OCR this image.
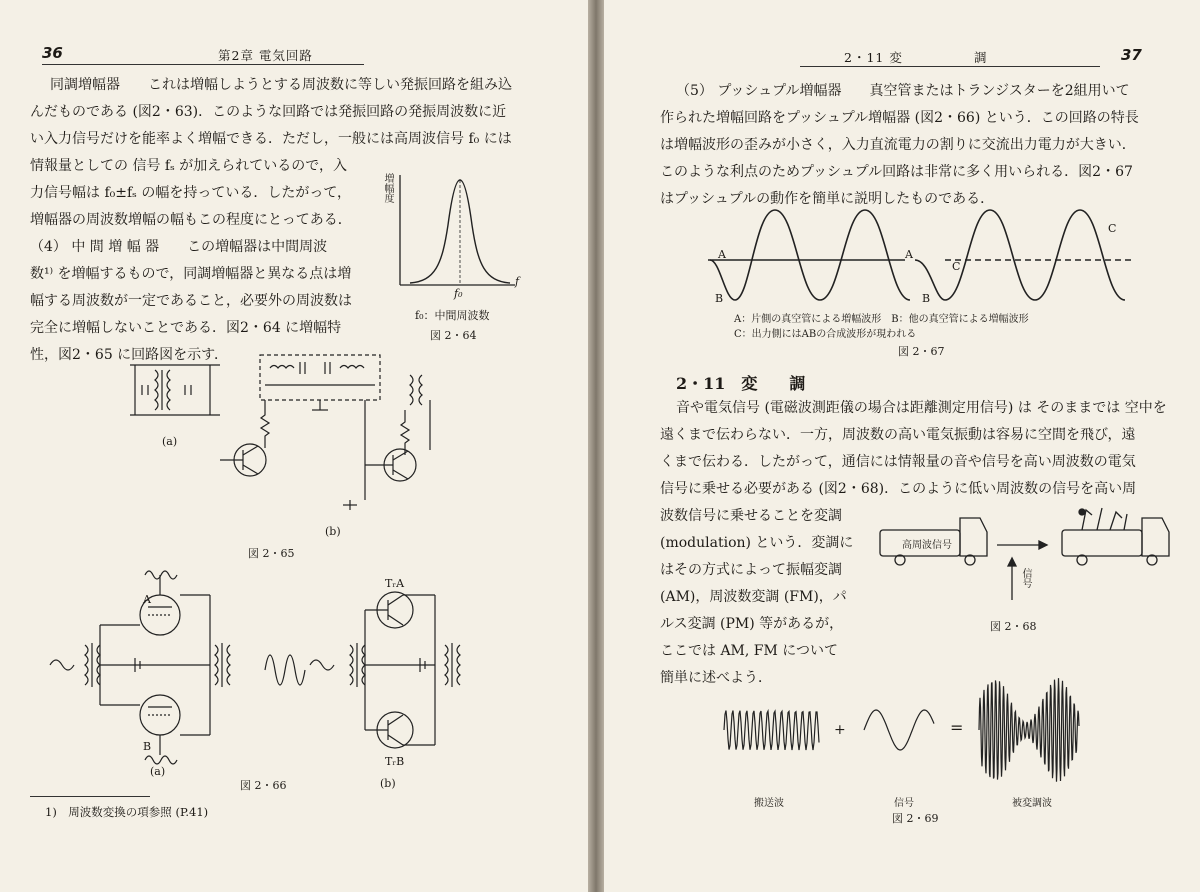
36	第2章 電気回路
同調増幅器　　これは増幅しようとする周波数に等しい発振回路を組み込
んだものである (図2・63)．このような回路では発振回路の発振周波数に近
い入力信号だけを能率よく増幅できる．ただし，一般には高周波信号 f₀ には
情報量としての 信号 fₛ が加えられているので，入
力信号幅は f₀±fₛ の幅を持っている．したがって，
増幅器の周波数増幅の幅もこの程度にとってある．
（4） 中 間 増 幅 器　　この増幅器は中間周波
数¹⁾ を増幅するもので，同調増幅器と異なる点は増
幅する周波数が一定であること，必要外の周波数は
完全に増幅しないことである．図2・64 に増幅特
性，図2・65 に回路図を示す．
増幅度
f
f₀
f₀：中間周波数
図 2・64
(a)
(b)
図 2・65
A
B
TᵣA
TᵣB
(a)
図 2・66	(b)
1)　周波数変換の項参照 (P.41)
2・11 変	調	37
（5） プッシュプル増幅器　　真空管またはトランジスターを2組用いて
作られた増幅回路をプッシュプル増幅器 (図2・66) という．この回路の特長
は増幅波形の歪みが小さく，入力直流電力の割りに交流出力電力が大きい．
このような利点のためプッシュプル回路は非常に多く用いられる．図2・67
はプッシュプルの動作を簡単に説明したものである．
A
B
A
B
C
C
A：片側の真空管による増幅波形　B：他の真空管による増幅波形
C：出力側にはABの合成波形が現われる
図 2・67
2・11　変　　調
音や電気信号 (電磁波測距儀の場合は距離測定用信号) は そのままでは 空中を
遠くまで伝わらない．一方，周波数の高い電気振動は容易に空間を飛び，遠
くまで伝わる．したがって，通信には情報量の音や信号を高い周波数の電気
信号に乗せる必要がある (図2・68)．このように低い周波数の信号を高い周
波数信号に乗せることを変調
(modulation) という．変調に
はその方式によって振幅変調
(AM)，周波数変調 (FM)，パ
ルス変調 (PM) 等があるが，
ここでは AM, FM について
簡単に述べよう．
高周波信号
信号
図 2・68
+	=
搬送波	信号	被変調波
図 2・69
